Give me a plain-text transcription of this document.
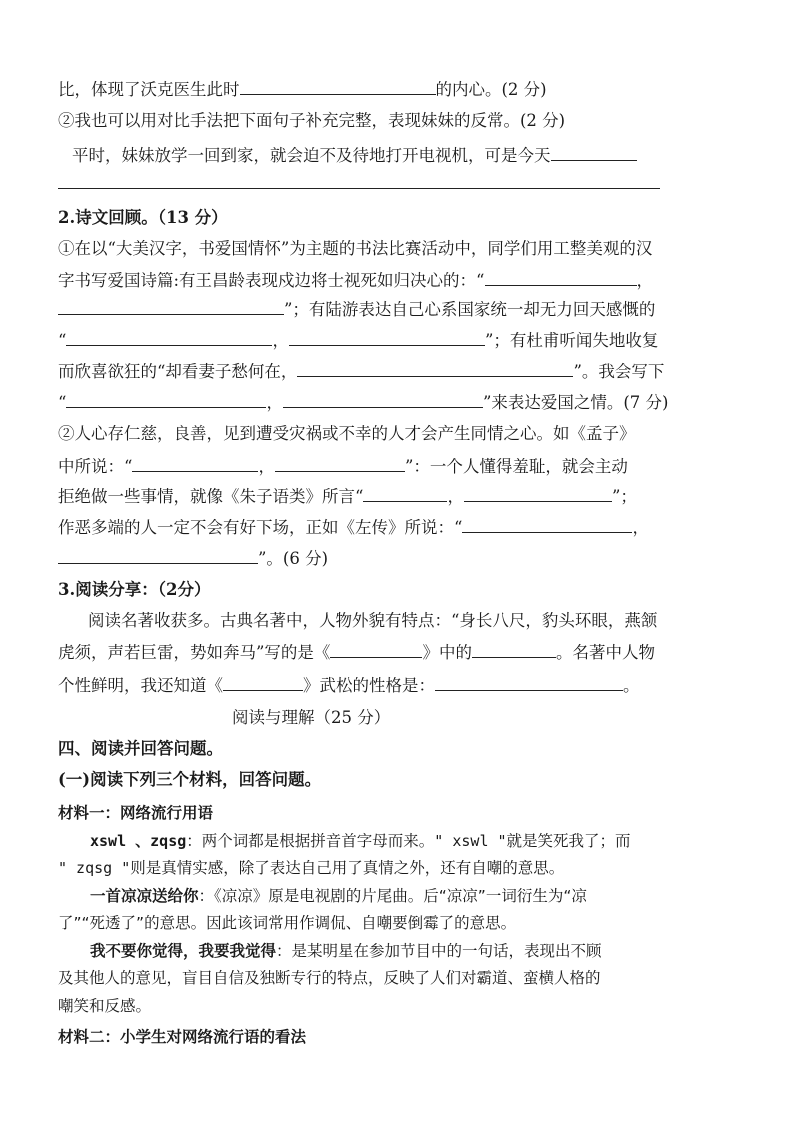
比，体现了沃克医生此时	的内心。(2 分)
②我也可以用对比手法把下面句子补充完整，表现妹妹的反常。(2 分)
平时，妹妹放学一回到家，就会迫不及待地打开电视机，可是今天
2.诗文回顾。（13 分）
①在以“大美汉字，书爱国情怀”为主题的书法比赛活动中，同学们用工整美观的汉
字书写爱国诗篇:有王昌龄表现戍边将士视死如归决心的：“	，
”；有陆游表达自己心系国家统一却无力回天感慨的
“	，	”；有杜甫听闻失地收复
而欣喜欲狂的“却看妻子愁何在，	”。我会写下
“	，	”来表达爱国之情。(7 分)
②人心存仁慈，良善，见到遭受灾祸或不幸的人才会产生同情之心。如《孟子》
中所说：“	，	”：一个人懂得羞耻，就会主动
拒绝做一些事情，就像《朱子语类》所言“	，	”；
作恶多端的人一定不会有好下场，正如《左传》所说：“	，
”。(6 分)
3.阅读分享：（2分）
阅读名著收获多。古典名著中，人物外貌有特点：“身长八尺，豹头环眼，燕颔
虎须，声若巨雷，势如奔马”写的是《	》中的	。名著中人物
个性鲜明，我还知道《	》武松的性格是：	。
阅读与理解（25 分）
四、阅读并回答问题。
(一)阅读下列三个材料，回答问题。
材料一：网络流行用语
xswl 、zqsg：两个词都是根据拼音首字母而来。" xswl "就是笑死我了；而
" zqsg "则是真情实感，除了表达自己用了真情之外，还有自嘲的意思。
一首凉凉送给你：《凉凉》原是电视剧的片尾曲。后“凉凉”一词衍生为“凉
了”“死透了”的意思。因此该词常用作调侃、自嘲要倒霉了的意思。
我不要你觉得，我要我觉得：是某明星在参加节目中的一句话，表现出不顾
及其他人的意见，盲目自信及独断专行的特点，反映了人们对霸道、蛮横人格的
嘲笑和反感。
材料二：小学生对网络流行语的看法
